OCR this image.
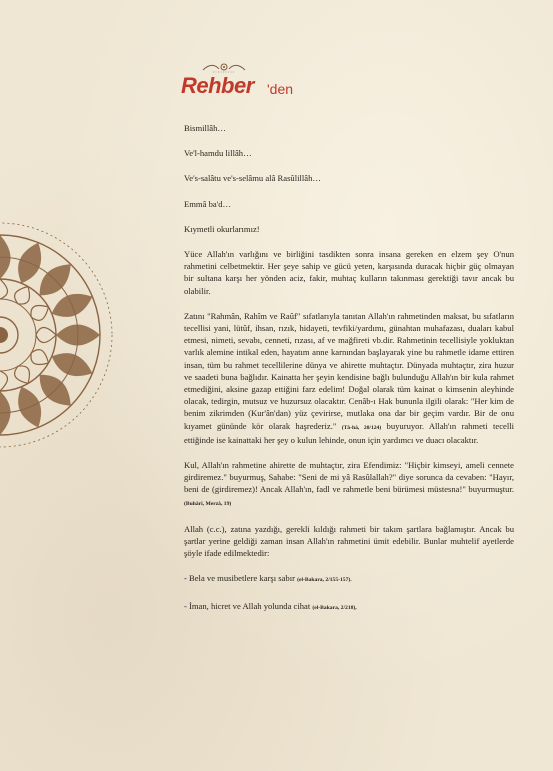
Rehber 'den

Bismillâh…

Ve'l-hamdu lillâh…

Ve's-salâtu ve's-selâmu alâ Rasûlillâh…

Emmâ ba'd…

Kıymetli okurlarımız!

Yüce Allah'ın varlığını ve birliğini tasdikten sonra insana gereken en elzem şey O'nun rahmetini celbetmektir. Her şeye sahip ve gücü yeten, karşısında duracak hiçbir güç olmayan bir sultana karşı her yönden aciz, fakir, muhtaç kulların takınması gerektiği tavır ancak bu olabilir.

Zatını "Rahmân, Rahîm ve Raûf" sıfatlarıyla tanıtan Allah'ın rahmetinden maksat, bu sıfatların tecellisi yani, lütûf, ihsan, rızık, hidayeti, tevfiki/yardımı, günahtan muhafazası, duaları kabul etmesi, nimeti, sevabı, cenneti, rızası, af ve mağfireti vb.dir. Rahmetinin tecellisiyle yokluktan varlık alemine intikal eden, hayatım anne karnından başlayarak yine bu rahmetle idame ettiren insan, tüm bu rahmet tecellilerine dünya ve ahirette muhtaçtır. Dünyada muhtaçtır, zira huzur ve saadeti buna bağlıdır. Kainatta her şeyin kendisine bağlı bulunduğu Allah'ın bir kula rahmet etmediğini, aksine gazap ettiğini farz edelim! Doğal olarak tüm kainat o kimsenin aleyhinde olacak, tedirgin, mutsuz ve huzursuz olacaktır. Cenâb-ı Hak bununla ilgili olarak: "Her kim de benim zikrimden (Kur'ân'dan) yüz çevirirse, mutlaka ona dar bir geçim vardır. Bir de onu kıyamet gününde kör olarak haşrederiz." (Tâ-hâ, 20/124) buyuruyor. Allah'ın rahmeti tecelli ettiğinde ise kainattaki her şey o kulun lehinde, onun için yardımcı ve duacı olacaktır.

Kul, Allah'ın rahmetine ahirette de muhtaçtır, zira Efendimiz: "Hiçbir kimseyi, ameli cennete girdiremez." buyurmuş, Sahabe: "Seni de mi yâ Rasûlallah?" diye sorunca da cevaben: "Hayır, beni de (girdiremez)! Ancak Allah'ın, fadl ve rahmetle beni bürümesi müstesna!" buyurmuştur. (Buhârî, Merzâ, 19)

Allah (c.c.), zatına yazdığı, gerekli kıldığı rahmeti bir takım şartlara bağlamıştır. Ancak bu şartlar yerine geldiği zaman insan Allah'ın rahmetini ümit edebilir. Bunlar muhtelif ayetlerde şöyle ifade edilmektedir:

- Bela ve musibetlere karşı sabır (el-Bakara, 2/155-157).

- İman, hicret ve Allah yolunda cihat (el-Bakara, 2/218),
